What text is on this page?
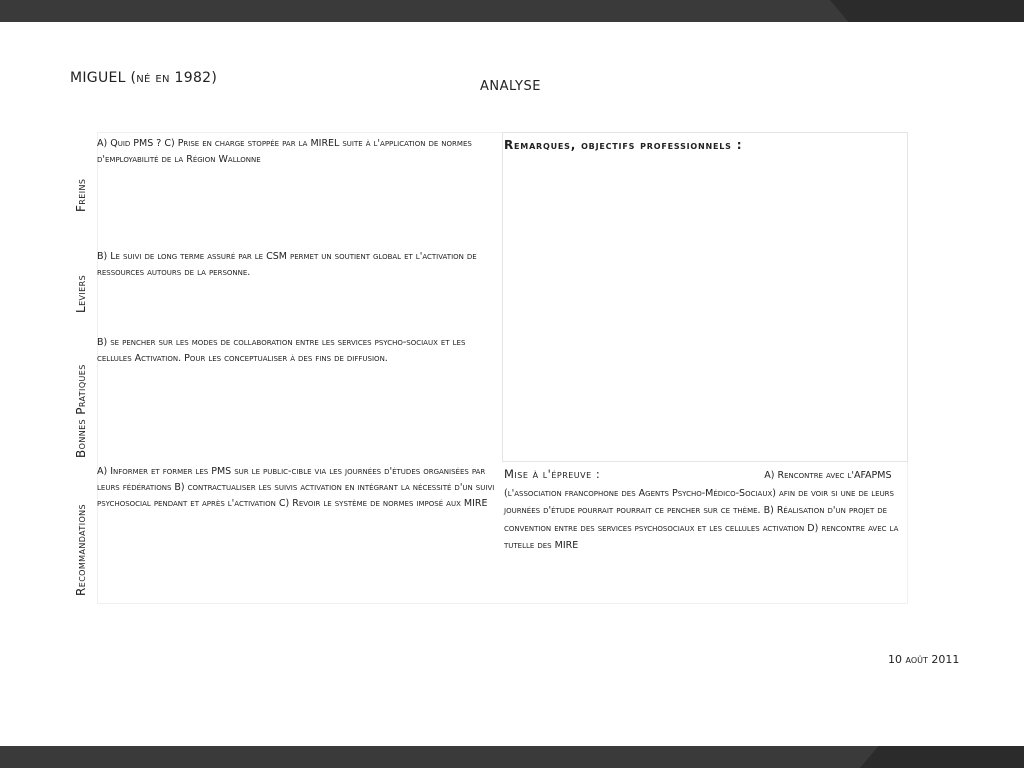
MIGUEL (né en 1982)
ANALYSE
Freins
Leviers
Bonnes Pratiques
Recommandations
A) Quid PMS ? C) Prise en charge stoppée par la MIREL suite à l'application de normes d'employabilité de la Région Wallonne
B) Le suivi de long terme assuré par le CSM permet un soutient global et l'activation de ressources autours de la personne.
B) se pencher sur les modes de collaboration entre les services psycho-sociaux et les cellules Activation. Pour les conceptualiser à des fins de diffusion.
A) Informer et former les PMS sur le public-cible via les journées d'études organisées par leurs fédérations B) contractualiser les suivis activation en intégrant la nécessité d'un suivi psychosocial pendant et après l'activation C) Revoir le système de normes imposé aux MIRE
Remarques, objectifs professionnels :
Mise à l'épreuve :	A) Rencontre avec l'AFAPMS (l'association francophone des Agents Psycho-Médico-Sociaux) afin de voir si une de leurs journées d'étude pourrait pourrait ce pencher sur ce thème. B) Réalisation d'un projet de convention entre des services psychosociaux et les cellules activation D) rencontre avec la tutelle des MIRE
10 août 2011
